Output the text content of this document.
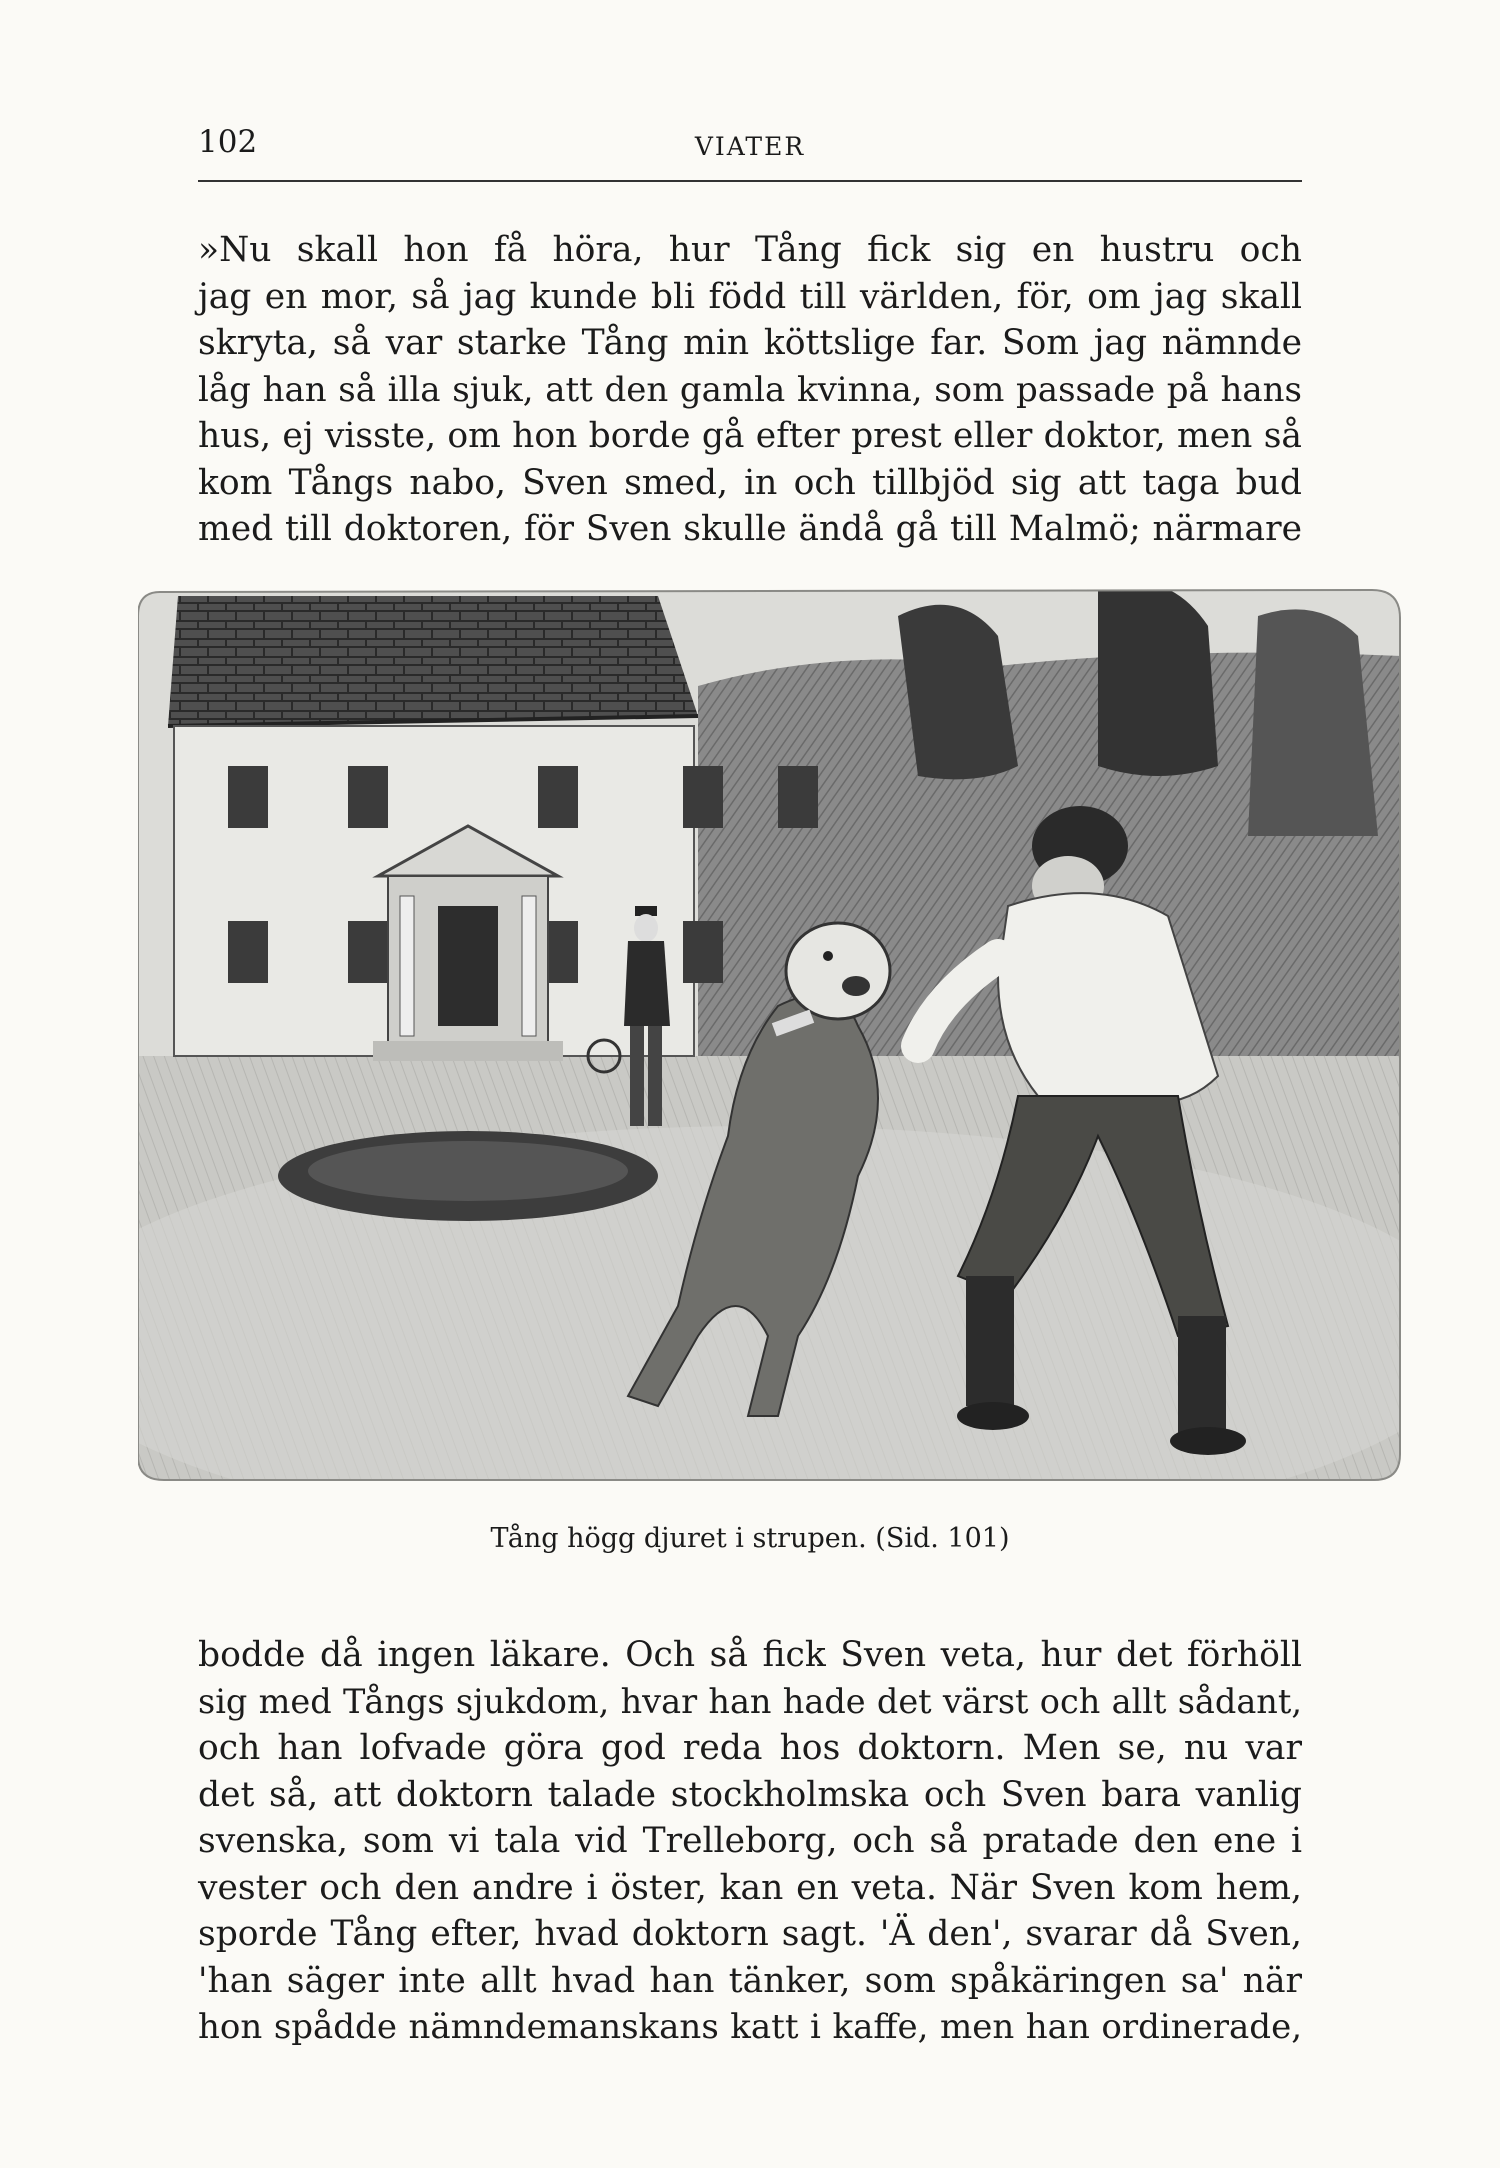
102	VIATER
»Nu skall hon få höra, hur Tång fick sig en hustru och
jag en mor, så jag kunde bli född till världen, för, om jag skall
skryta, så var starke Tång min köttslige far. Som jag nämnde
låg han så illa sjuk, att den gamla kvinna, som passade på hans
hus, ej visste, om hon borde gå efter prest eller doktor, men så
kom Tångs nabo, Sven smed, in och tillbjöd sig att taga bud
med till doktoren, för Sven skulle ändå gå till Malmö; närmare
Tång högg djuret i strupen. (Sid. 101)
bodde då ingen läkare. Och så fick Sven veta, hur det förhöll
sig med Tångs sjukdom, hvar han hade det värst och allt sådant,
och han lofvade göra god reda hos doktorn. Men se, nu var
det så, att doktorn talade stockholmska och Sven bara vanlig
svenska, som vi tala vid Trelleborg, och så pratade den ene i
vester och den andre i öster, kan en veta. När Sven kom hem,
sporde Tång efter, hvad doktorn sagt. 'Ä den', svarar då Sven,
'han säger inte allt hvad han tänker, som spåkäringen sa' när
hon spådde nämndemanskans katt i kaffe, men han ordinerade,
